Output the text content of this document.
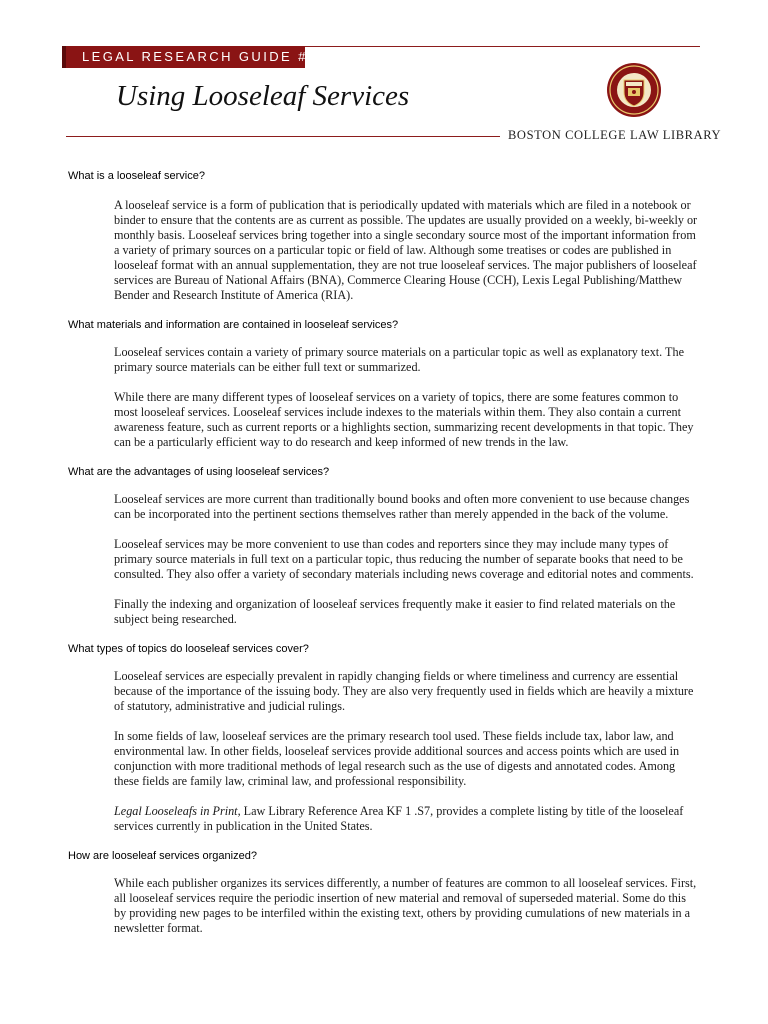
LEGAL RESEARCH GUIDE #5
Using Looseleaf Services
BOSTON COLLEGE LAW LIBRARY

What is a looseleaf service?

A looseleaf service is a form of publication that is periodically updated with materials which are filed in a notebook or binder to ensure that the contents are as current as possible. The updates are usually provided on a weekly, bi-weekly or monthly basis. Looseleaf services bring together into a single secondary source most of the important information from a variety of primary sources on a particular topic or field of law. Although some treatises or codes are published in looseleaf format with an annual supplementation, they are not true looseleaf services. The major publishers of looseleaf services are Bureau of National Affairs (BNA), Commerce Clearing House (CCH), Lexis Legal Publishing/Matthew Bender and Research Institute of America (RIA).

What materials and information are contained in looseleaf services?

Looseleaf services contain a variety of primary source materials on a particular topic as well as explanatory text. The primary source materials can be either full text or summarized.

While there are many different types of looseleaf services on a variety of topics, there are some features common to most looseleaf services. Looseleaf services include indexes to the materials within them. They also contain a current awareness feature, such as current reports or a highlights section, summarizing recent developments in that topic. They can be a particularly efficient way to do research and keep informed of new trends in the law.

What are the advantages of using looseleaf services?

Looseleaf services are more current than traditionally bound books and often more convenient to use because changes can be incorporated into the pertinent sections themselves rather than merely appended in the back of the volume.

Looseleaf services may be more convenient to use than codes and reporters since they may include many types of primary source materials in full text on a particular topic, thus reducing the number of separate books that need to be consulted. They also offer a variety of secondary materials including news coverage and editorial notes and comments.

Finally the indexing and organization of looseleaf services frequently make it easier to find related materials on the subject being researched.

What types of topics do looseleaf services cover?

Looseleaf services are especially prevalent in rapidly changing fields or where timeliness and currency are essential because of the importance of the issuing body. They are also very frequently used in fields which are heavily a mixture of statutory, administrative and judicial rulings.

In some fields of law, looseleaf services are the primary research tool used. These fields include tax, labor law, and environmental law. In other fields, looseleaf services provide additional sources and access points which are used in conjunction with more traditional methods of legal research such as the use of digests and annotated codes. Among these fields are family law, criminal law, and professional responsibility.

Legal Looseleafs in Print, Law Library Reference Area KF 1 .S7, provides a complete listing by title of the looseleaf services currently in publication in the United States.

How are looseleaf services organized?

While each publisher organizes its services differently, a number of features are common to all looseleaf services. First, all looseleaf services require the periodic insertion of new material and removal of superseded material. Some do this by providing new pages to be interfiled within the existing text, others by providing cumulations of new materials in a newsletter format.
